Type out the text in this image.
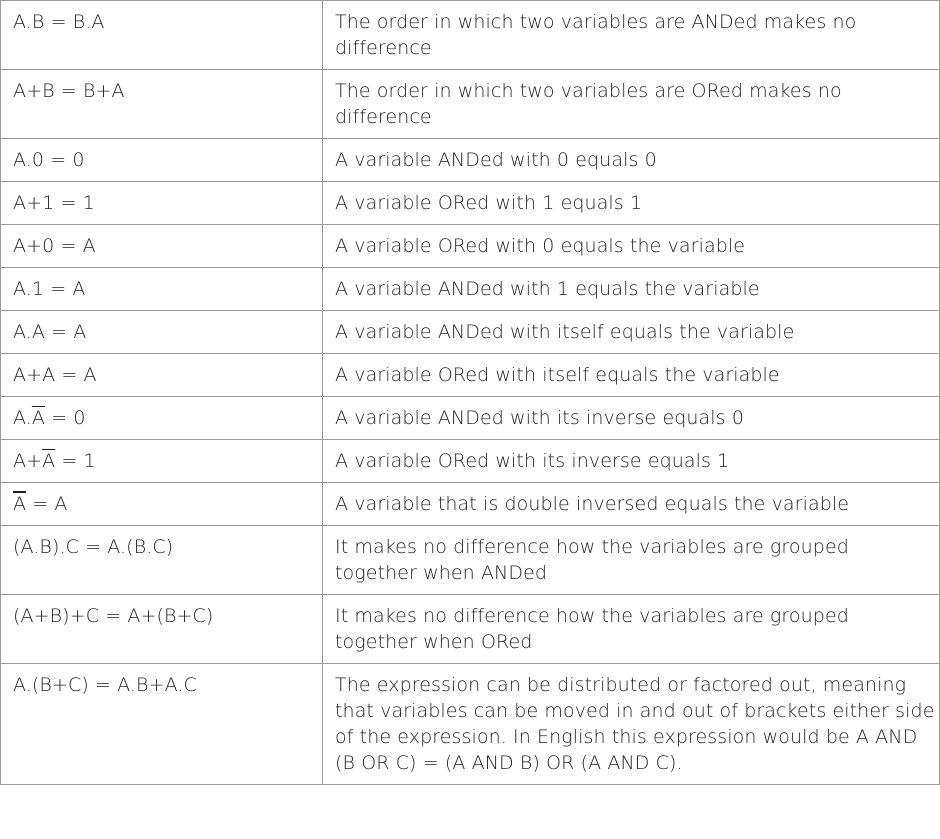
A.B = B.A	The order in which two variables are ANDed makes no difference
A+B = B+A	The order in which two variables are ORed makes no difference
A.0 = 0	A variable ANDed with 0 equals 0
A+1 = 1	A variable ORed with 1 equals 1
A+0 = A	A variable ORed with 0 equals the variable
A.1 = A	A variable ANDed with 1 equals the variable
A.A = A	A variable ANDed with itself equals the variable
A+A = A	A variable ORed with itself equals the variable
$A.\overline{A} = 0$	A variable ANDed with its inverse equals 0
$A+\overline{A} = 1$	A variable ORed with its inverse equals 1
$\overline{A} = A$	A variable that is double inversed equals the variable
(A.B).C = A.(B.C)	It makes no difference how the variables are grouped together when ANDed
(A+B)+C = A+(B+C)	It makes no difference how the variables are grouped together when ORed
A.(B+C) = A.B+A.C	The expression can be distributed or factored out, meaning that variables can be moved in and out of brackets either side of the expression. In English this expression would be A AND (B OR C) = (A AND B) OR (A AND C).
